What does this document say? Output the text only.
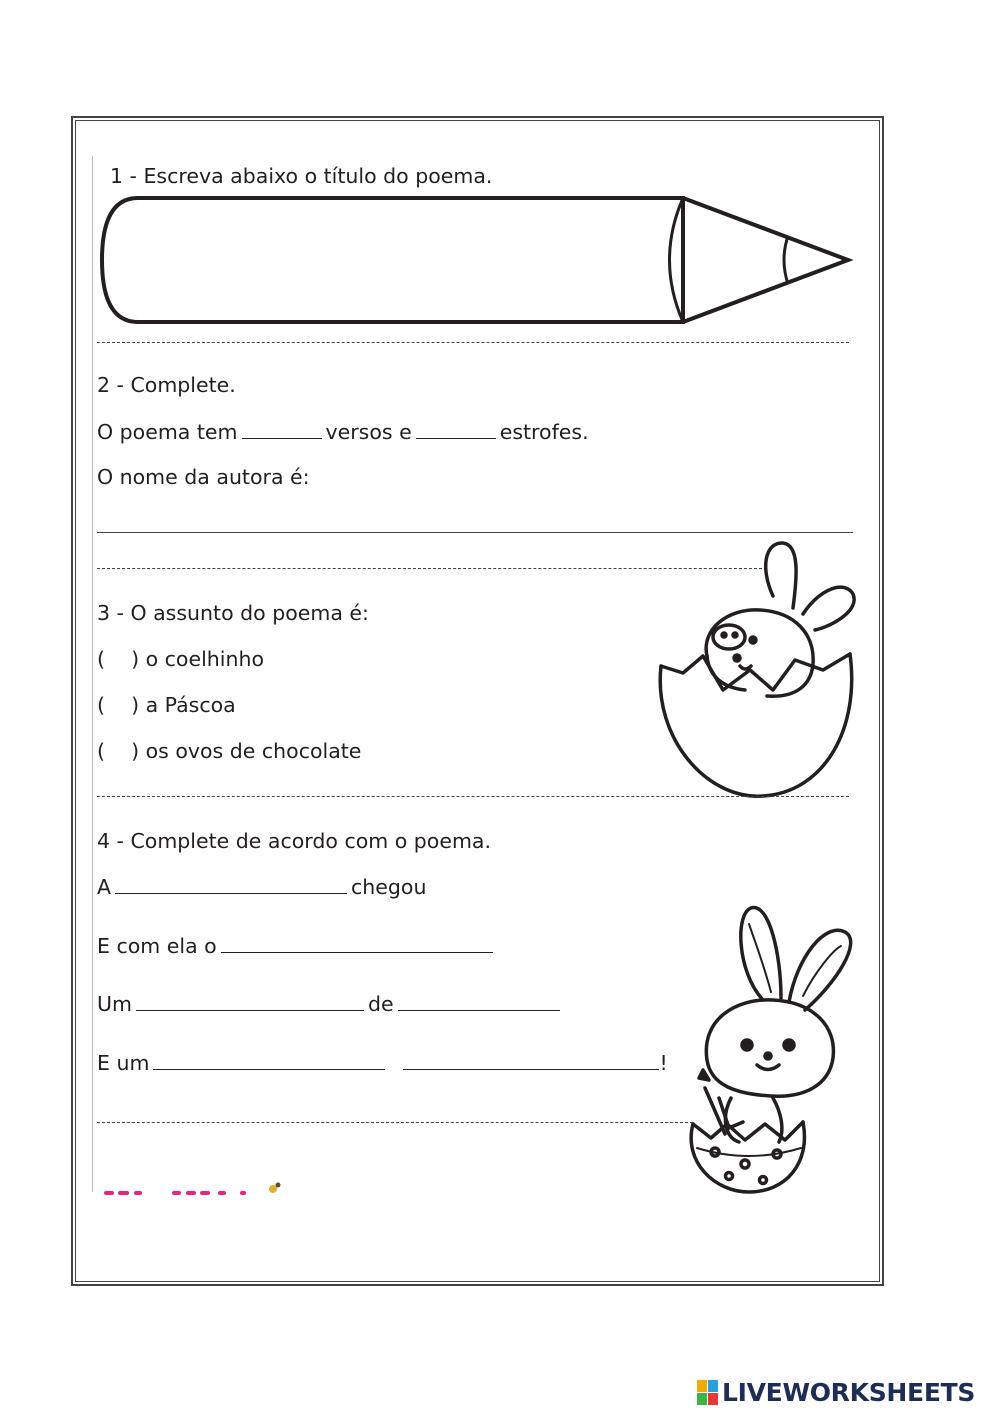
1 - Escreva abaixo o título do poema.
2 - Complete.
O poema tem	versos e	estrofes.
O nome da autora é:
3 - O assunto do poema é:
(    ) o coelhinho
(    ) a Páscoa
(    ) os ovos de chocolate
4 - Complete de acordo com o poema.
A	chegou
E com ela o
Um	de
E um	!
LIVEWORKSHEETS
